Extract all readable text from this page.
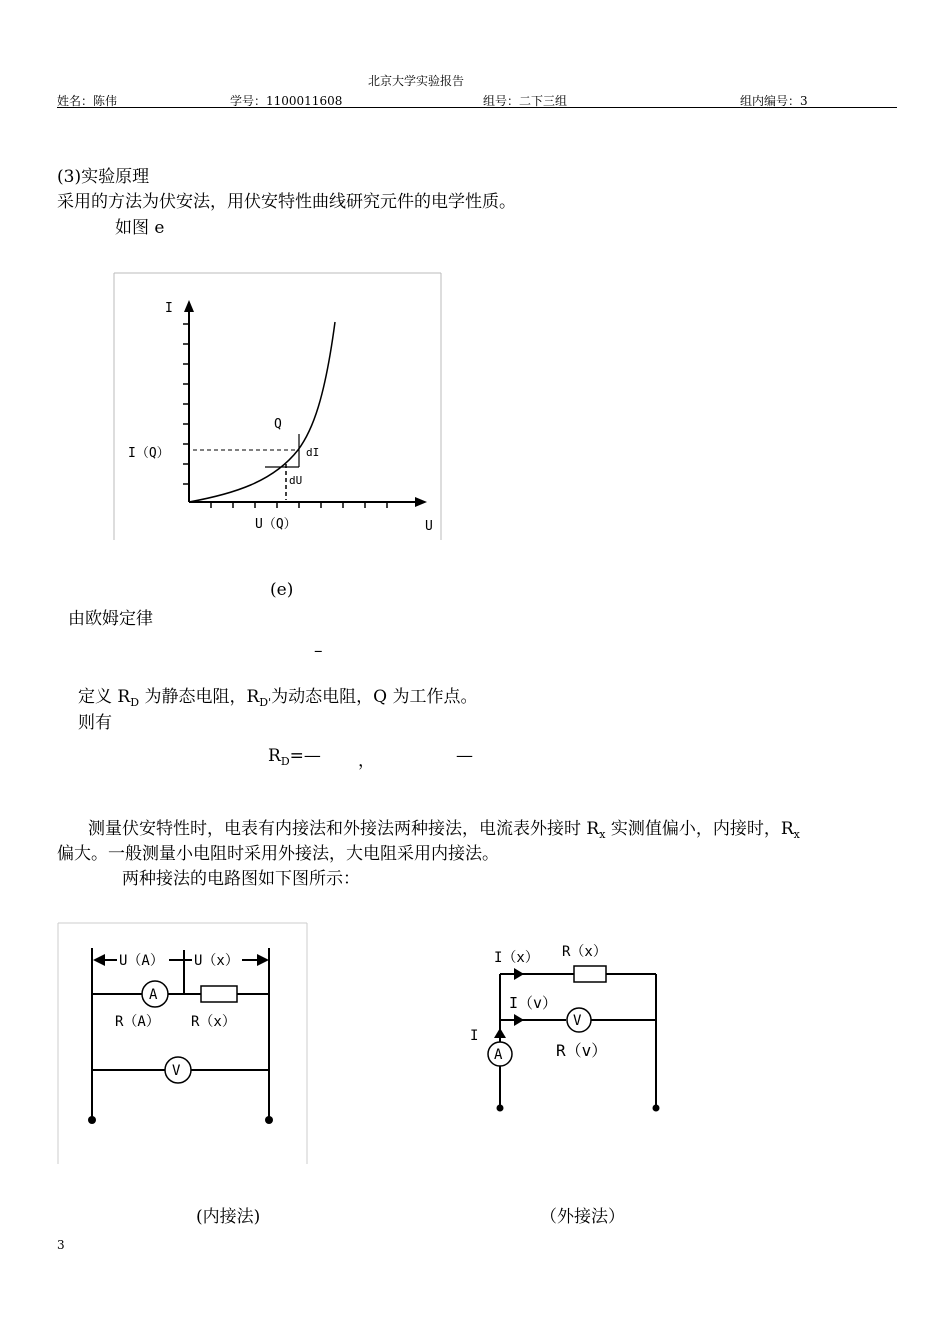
北京大学实验报告
姓名：陈伟	学号：1100011608	组号：二下三组	组内编号：3
(3)实验原理
采用的方法为伏安法，用伏安特性曲线研究元件的电学性质。
如图 e
I
U
Q
I（Q）
U（Q）
dI
dU
(e)
由欧姆定律
–
定义 $R_D$ 为静态电阻，$R_{D'}$为动态电阻，Q 为工作点。
则有
$R_D=—$ ，	—
测量伏安特性时，电表有内接法和外接法两种接法，电流表外接时 $R_x$ 实测值偏小，内接时，$R_x$
偏大。一般测量小电阻时采用外接法，大电阻采用内接法。
两种接法的电路图如下图所示：
U（A） U（x）
A
R（A） R（x）
V
(内接法)
I（x） R（x）
I（v）
V
I
A	R（v）
（外接法）
3
